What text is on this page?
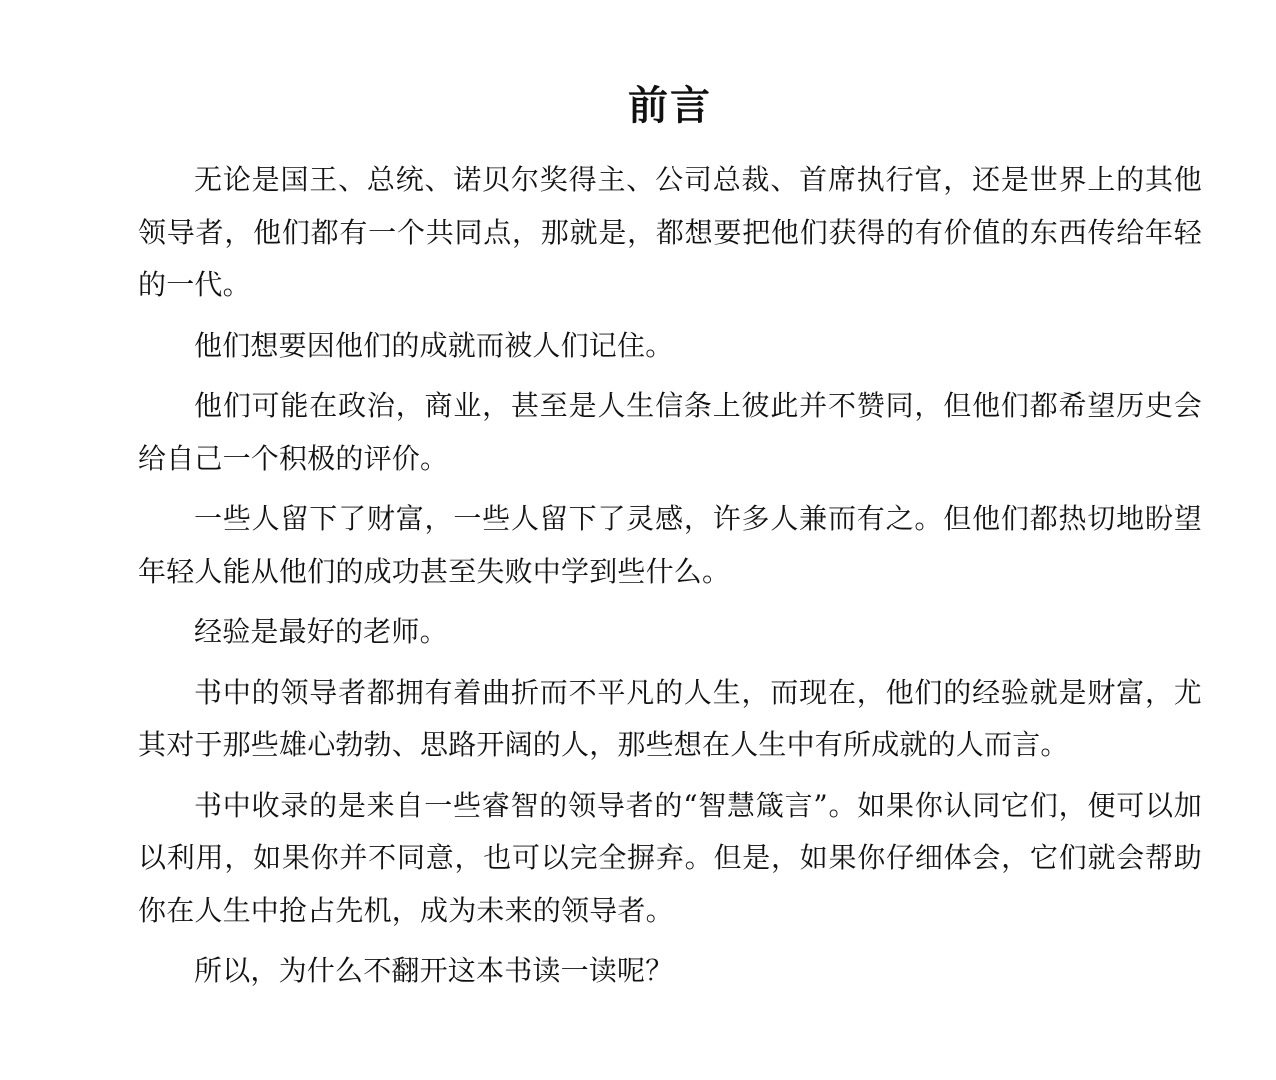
前言

无论是国王、总统、诺贝尔奖得主、公司总裁、首席执行官，还是世界上的其他领导者，他们都有一个共同点，那就是，都想要把他们获得的有价值的东西传给年轻的一代。

他们想要因他们的成就而被人们记住。

他们可能在政治，商业，甚至是人生信条上彼此并不赞同，但他们都希望历史会给自己一个积极的评价。

一些人留下了财富，一些人留下了灵感，许多人兼而有之。但他们都热切地盼望年轻人能从他们的成功甚至失败中学到些什么。

经验是最好的老师。

书中的领导者都拥有着曲折而不平凡的人生，而现在，他们的经验就是财富，尤其对于那些雄心勃勃、思路开阔的人，那些想在人生中有所成就的人而言。

书中收录的是来自一些睿智的领导者的“智慧箴言”。如果你认同它们，便可以加以利用，如果你并不同意，也可以完全摒弃。但是，如果你仔细体会，它们就会帮助你在人生中抢占先机，成为未来的领导者。

所以，为什么不翻开这本书读一读呢？
